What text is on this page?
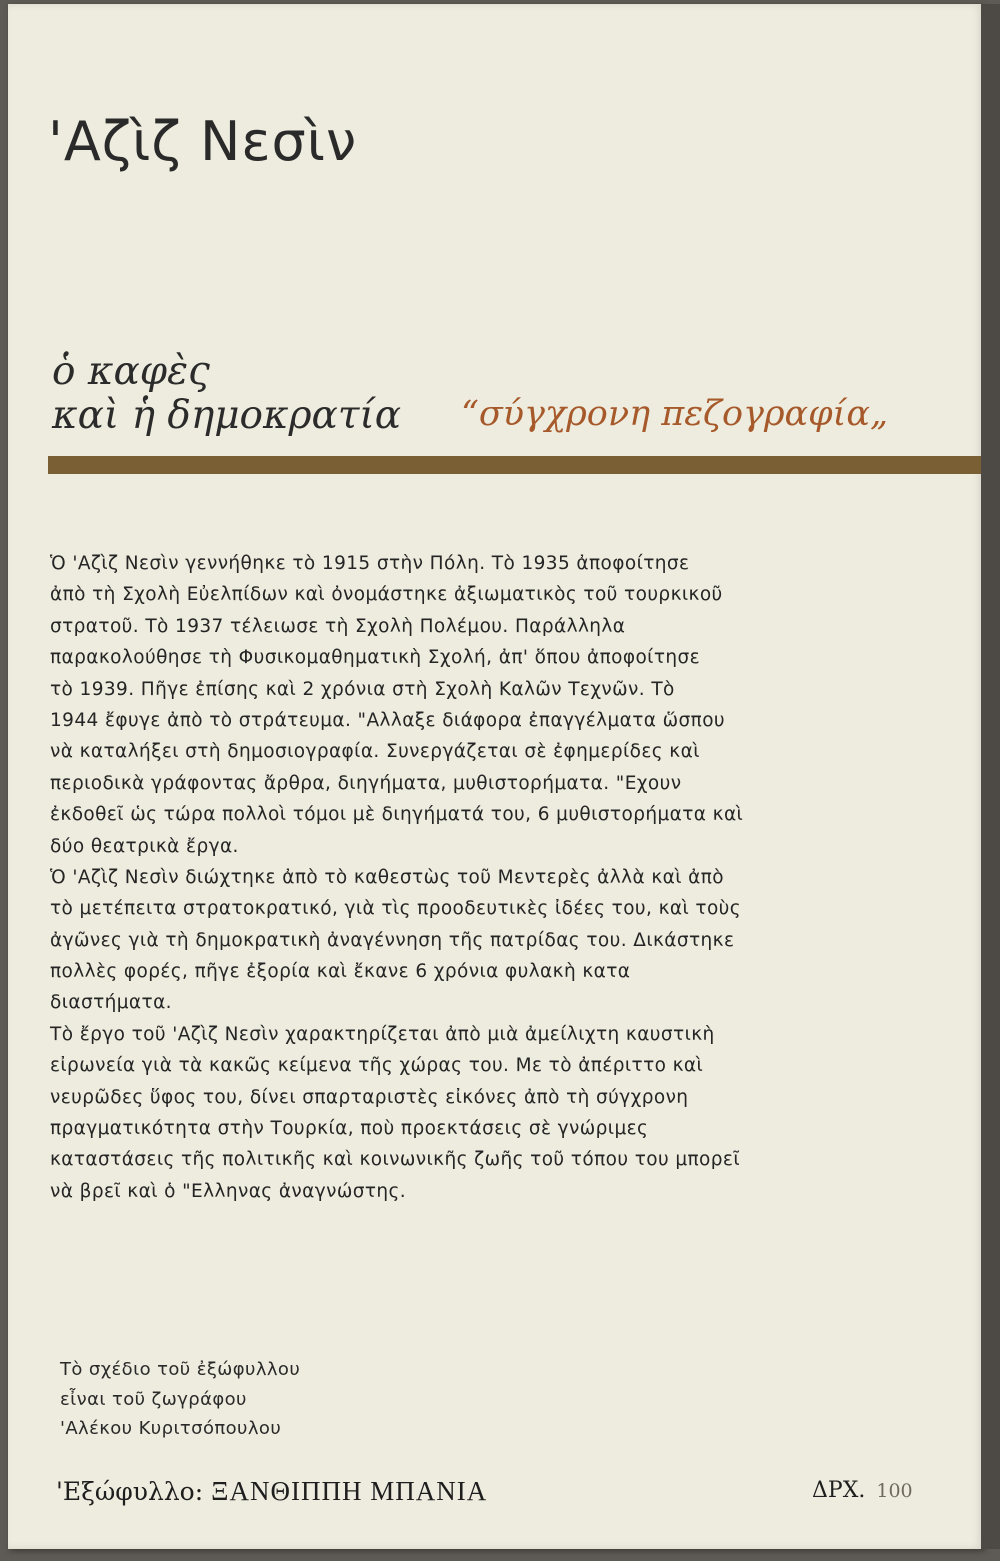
'Αζὶζ Νεσὶν
ὁ καφὲς
καὶ ἡ δημοκρατία “σύγχρονη πεζογραφία„
Ὁ 'Αζὶζ Νεσὶν γεννήθηκε τὸ 1915 στὴν Πόλη. Τὸ 1935 ἀποφοίτησε
ἀπὸ τὴ Σχολὴ Εὐελπίδων καὶ ὀνομάστηκε ἀξιωματικὸς τοῦ τουρκικοῦ
στρατοῦ. Τὸ 1937 τέλειωσε τὴ Σχολὴ Πολέμου. Παράλληλα
παρακολούθησε τὴ Φυσικομαθηματικὴ Σχολή, ἀπ' ὅπου ἀποφοίτησε
τὸ 1939. Πῆγε ἐπίσης καὶ 2 χρόνια στὴ Σχολὴ Καλῶν Τεχνῶν. Τὸ
1944 ἔφυγε ἀπὸ τὸ στράτευμα. "Αλλαξε διάφορα ἐπαγγέλματα ὥσπου
νὰ καταλήξει στὴ δημοσιογραφία. Συνεργάζεται σὲ ἐφημερίδες καὶ
περιοδικὰ γράφοντας ἄρθρα, διηγήματα, μυθιστορήματα. "Εχουν
ἐκδοθεῖ ὡς τώρα πολλοὶ τόμοι μὲ διηγήματά του, 6 μυθιστορήματα καὶ
δύο θεατρικὰ ἔργα.
Ὁ 'Αζὶζ Νεσὶν διώχτηκε ἀπὸ τὸ καθεστὼς τοῦ Μεντερὲς ἀλλὰ καὶ ἀπὸ
τὸ μετέπειτα στρατοκρατικό, γιὰ τὶς προοδευτικὲς ἰδέες του, καὶ τοὺς
ἀγῶνες γιὰ τὴ δημοκρατικὴ ἀναγέννηση τῆς πατρίδας του. Δικάστηκε
πολλὲς φορές, πῆγε ἐξορία καὶ ἔκανε 6 χρόνια φυλακὴ κατα
διαστήματα.
Τὸ ἔργο τοῦ 'Αζὶζ Νεσὶν χαρακτηρίζεται ἀπὸ μιὰ ἀμείλιχτη καυστικὴ
εἰρωνεία γιὰ τὰ κακῶς κείμενα τῆς χώρας του. Με τὸ ἀπέριττο καὶ
νευρῶδες ὕφος του, δίνει σπαρταριστὲς εἰκόνες ἀπὸ τὴ σύγχρονη
πραγματικότητα στὴν Τουρκία, ποὺ προεκτάσεις σὲ γνώριμες
καταστάσεις τῆς πολιτικῆς καὶ κοινωνικῆς ζωῆς τοῦ τόπου του μπορεῖ
νὰ βρεῖ καὶ ὁ "Ελληνας ἀναγνώστης.
Τὸ σχέδιο τοῦ ἐξώφυλλου
εἶναι τοῦ ζωγράφου
'Αλέκου Κυριτσόπουλου
'Εξώφυλλο: ΞΑΝΘΙΠΠΗ ΜΠΑΝΙΑ	ΔΡΧ. 100
